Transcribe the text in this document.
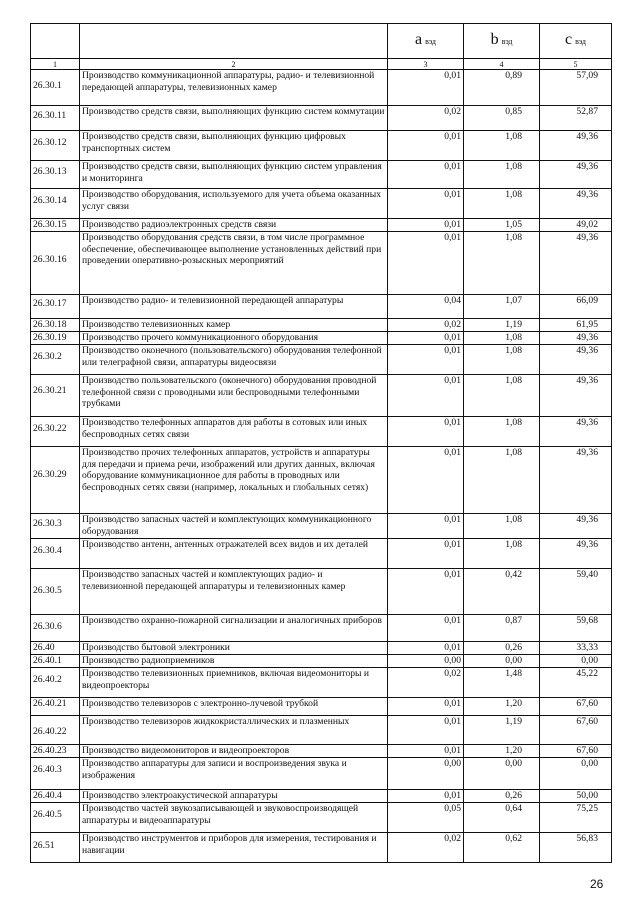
		a вэд	b вэд	c вэд
1	2	3	4	5
26.30.1	Производство коммуникационной аппаратуры, радио- и телевизионной передающей аппаратуры, телевизионных камер	0,01	0,89	57,09
26.30.11	Производство средств связи, выполняющих функцию систем коммутации	0,02	0,85	52,87
26.30.12	Производство средств связи, выполняющих функцию цифровых транспортных систем	0,01	1,08	49,36
26.30.13	Производство средств связи, выполняющих функцию систем управления и мониторинга	0,01	1,08	49,36
26.30.14	Производство оборудования, используемого для учета объема оказанных услуг связи	0,01	1,08	49,36
26.30.15	Производство радиоэлектронных средств связи	0,01	1,05	49,02
26.30.16	Производство оборудования средств связи, в том числе программное обеспечение, обеспечивающее выполнение установленных действий при проведении оперативно-розыскных мероприятий	0,01	1,08	49,36
26.30.17	Производство радио- и телевизионной передающей аппаратуры	0,04	1,07	66,09
26.30.18	Производство телевизионных камер	0,02	1,19	61,95
26.30.19	Производство прочего коммуникационного оборудования	0,01	1,08	49,36
26.30.2	Производство оконечного (пользовательского) оборудования телефонной или телеграфной связи, аппаратуры видеосвязи	0,01	1,08	49,36
26.30.21	Производство пользовательского (оконечного) оборудования проводной телефонной связи с проводными или беспроводными телефонными трубками	0,01	1,08	49,36
26.30.22	Производство телефонных аппаратов для работы в сотовых или иных беспроводных сетях связи	0,01	1,08	49,36
26.30.29	Производство прочих телефонных аппаратов, устройств и аппаратуры для передачи и приема речи, изображений или других данных, включая оборудование коммуникационное для работы в проводных или беспроводных сетях связи (например, локальных и глобальных сетях)	0,01	1,08	49,36
26.30.3	Производство запасных частей и комплектующих коммуникационного оборудования	0,01	1,08	49,36
26.30.4	Производство антенн, антенных отражателей всех видов и их деталей	0,01	1,08	49,36
26.30.5	Производство запасных частей и комплектующих радио- и телевизионной передающей аппаратуры и телевизионных камер	0,01	0,42	59,40
26.30.6	Производство охранно-пожарной сигнализации и аналогичных приборов	0,01	0,87	59,68
26.40	Производство бытовой электроники	0,01	0,26	33,33
26.40.1	Производство радиоприемников	0,00	0,00	0,00
26.40.2	Производство телевизионных приемников, включая видеомониторы и видеопроекторы	0,02	1,48	45,22
26.40.21	Производство телевизоров с электронно-лучевой трубкой	0,01	1,20	67,60
26.40.22	Производство телевизоров жидкокристаллических и плазменных	0,01	1,19	67,60
26.40.23	Производство видеомониторов и видеопроекторов	0,01	1,20	67,60
26.40.3	Производство аппаратуры для записи и воспроизведения звука и изображения	0,00	0,00	0,00
26.40.4	Производство электроакустической аппаратуры	0,01	0,26	50,00
26.40.5	Производство частей звукозаписывающей и звуковоспроизводящей аппаратуры и видеоаппаратуры	0,05	0,64	75,25
26.51	Производство инструментов и приборов для измерения, тестирования и навигации	0,02	0,62	56,83
26
